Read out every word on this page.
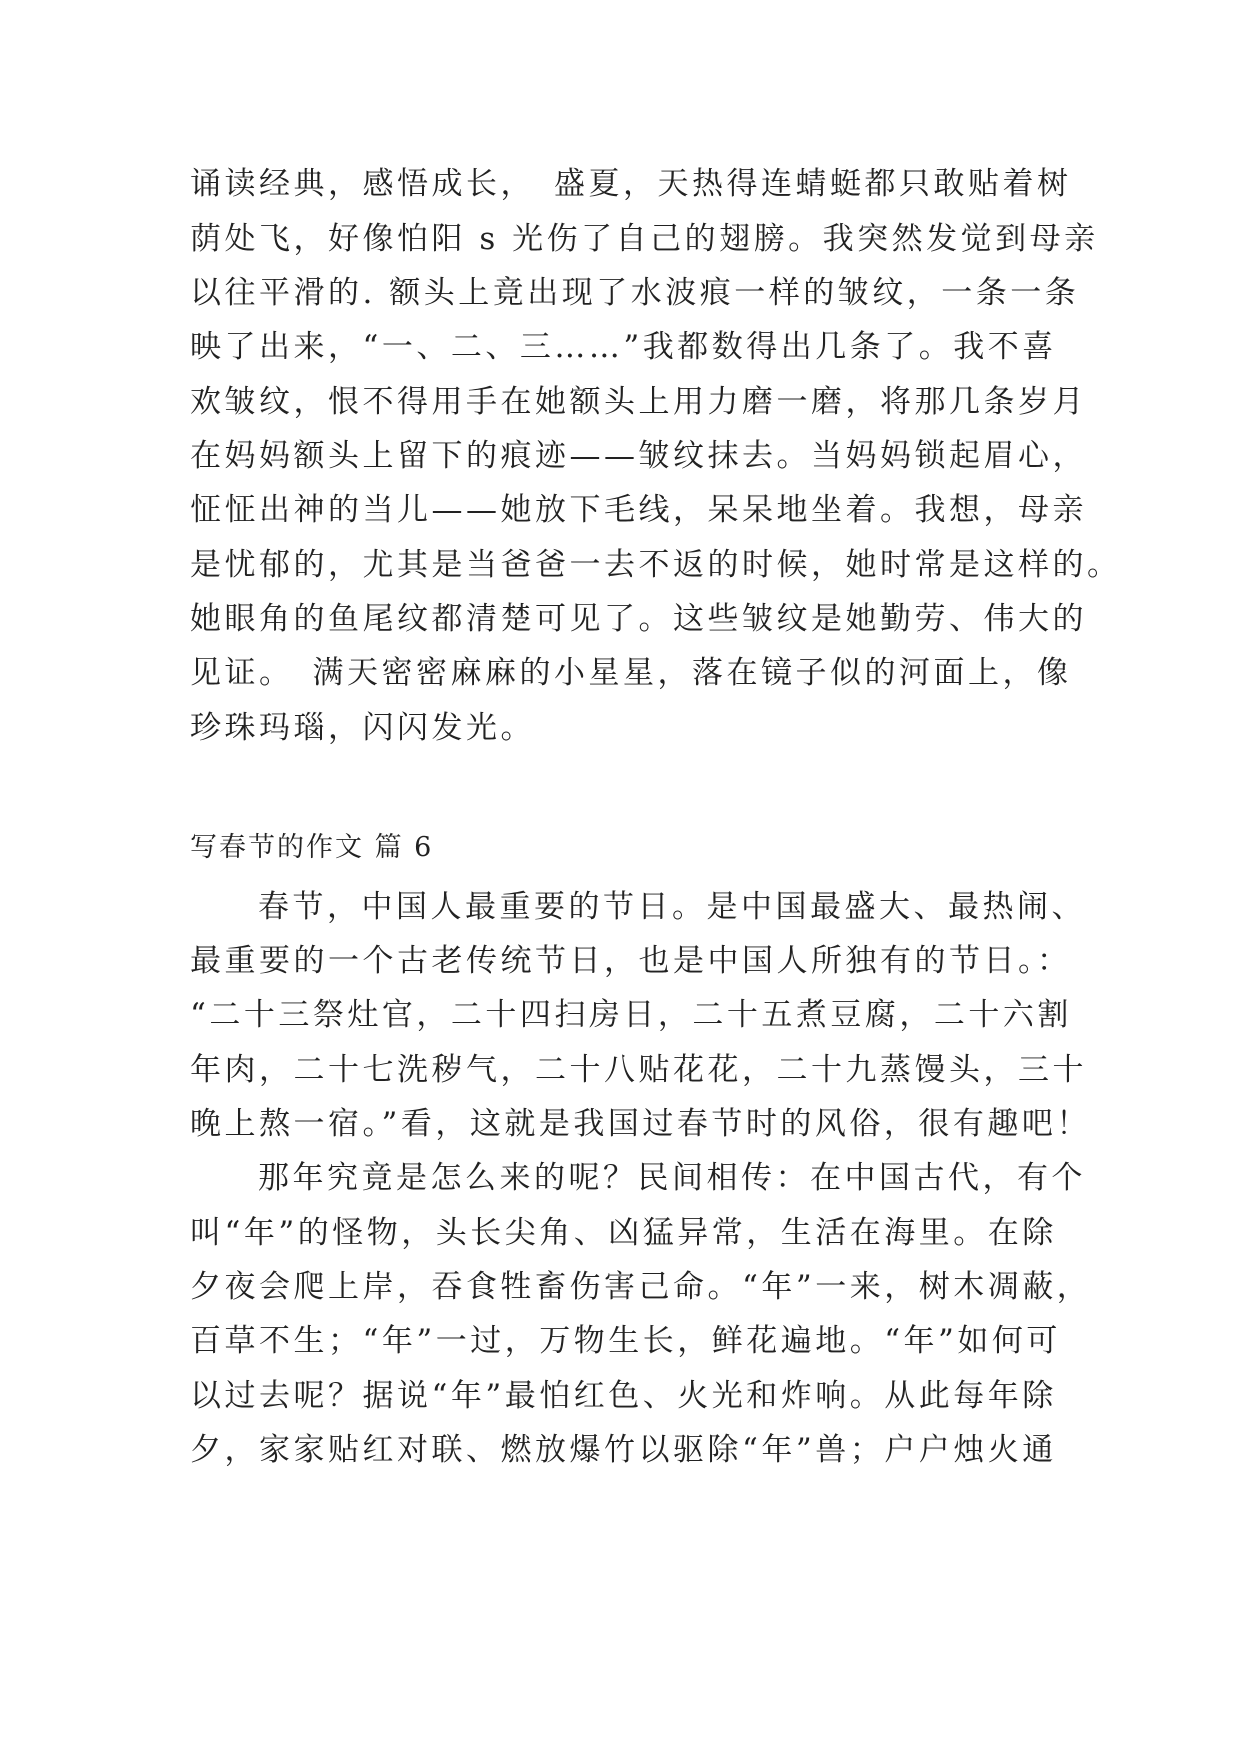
诵读经典，感悟成长，　盛夏，天热得连蜻蜓都只敢贴着树
荫处飞，好像怕阳 s 光伤了自己的翅膀。我突然发觉到母亲
以往平滑的. 额头上竟出现了水波痕一样的皱纹，一条一条
映了出来，“一、二、三……”我都数得出几条了。我不喜
欢皱纹，恨不得用手在她额头上用力磨一磨，将那几条岁月
在妈妈额头上留下的痕迹——皱纹抹去。当妈妈锁起眉心，
怔怔出神的当儿——她放下毛线，呆呆地坐着。我想，母亲
是忧郁的，尤其是当爸爸一去不返的时候，她时常是这样的。
她眼角的鱼尾纹都清楚可见了。这些皱纹是她勤劳、伟大的
见证。　满天密密麻麻的小星星，落在镜子似的河面上，像
珍珠玛瑙，闪闪发光。
写春节的作文 篇 6
春节，中国人最重要的节日。是中国最盛大、最热闹、
最重要的一个古老传统节日，也是中国人所独有的节日。：
“二十三祭灶官，二十四扫房日，二十五煮豆腐，二十六割
年肉，二十七洗秽气，二十八贴花花，二十九蒸馒头，三十
晚上熬一宿。”看，这就是我国过春节时的风俗，很有趣吧！
那年究竟是怎么来的呢？民间相传：在中国古代，有个
叫“年”的怪物，头长尖角、凶猛异常，生活在海里。在除
夕夜会爬上岸，吞食牲畜伤害己命。“年”一来，树木凋蔽，
百草不生；“年”一过，万物生长，鲜花遍地。“年”如何可
以过去呢？据说“年”最怕红色、火光和炸响。从此每年除
夕，家家贴红对联、燃放爆竹以驱除“年”兽；户户烛火通
